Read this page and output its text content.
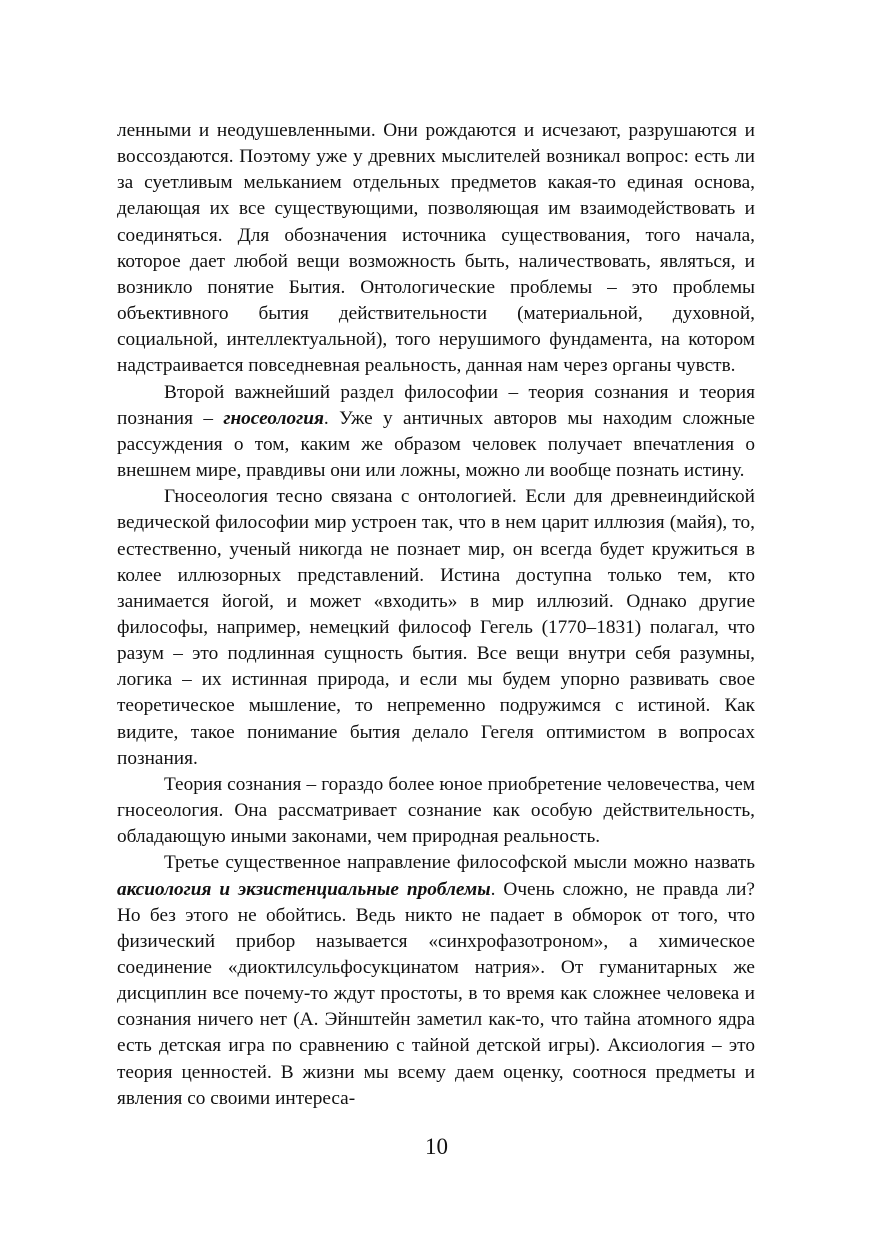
ленными и неодушевленными. Они рождаются и исчезают, разрушаются и воссоздаются. Поэтому уже у древних мыслителей возникал вопрос: есть ли за суетливым мельканием отдельных предметов какая-то единая основа, делающая их все существующими, позволяющая им взаимодействовать и соединяться. Для обозначения источника существования, того начала, которое дает любой вещи возможность быть, наличествовать, являться, и возникло понятие Бытия. Онтологические проблемы – это проблемы объективного бытия действительности (материальной, духовной, социальной, интеллектуальной), того нерушимого фундамента, на котором надстраивается повседневная реальность, данная нам через органы чувств.

Второй важнейший раздел философии – теория сознания и теория познания – гносеология. Уже у античных авторов мы находим сложные рассуждения о том, каким же образом человек получает впечатления о внешнем мире, правдивы они или ложны, можно ли вообще познать истину.

Гносеология тесно связана с онтологией. Если для древнеиндийской ведической философии мир устроен так, что в нем царит иллюзия (майя), то, естественно, ученый никогда не познает мир, он всегда будет кружиться в колее иллюзорных представлений. Истина доступна только тем, кто занимается йогой, и может «входить» в мир иллюзий. Однако другие философы, например, немецкий философ Гегель (1770–1831) полагал, что разум – это подлинная сущность бытия. Все вещи внутри себя разумны, логика – их истинная природа, и если мы будем упорно развивать свое теоретическое мышление, то непременно подружимся с истиной. Как видите, такое понимание бытия делало Гегеля оптимистом в вопросах познания.

Теория сознания – гораздо более юное приобретение человечества, чем гносеология. Она рассматривает сознание как особую действительность, обладающую иными законами, чем природная реальность.

Третье существенное направление философской мысли можно назвать аксиология и экзистенциальные проблемы. Очень сложно, не правда ли? Но без этого не обойтись. Ведь никто не падает в обморок от того, что физический прибор называется «синхрофазотроном», а химическое соединение «диоктилсульфосукцинатом натрия». От гуманитарных же дисциплин все почему-то ждут простоты, в то время как сложнее человека и сознания ничего нет (А. Эйнштейн заметил как-то, что тайна атомного ядра есть детская игра по сравнению с тайной детской игры). Аксиология – это теория ценностей. В жизни мы всему даем оценку, соотнося предметы и явления со своими интереса-

10
